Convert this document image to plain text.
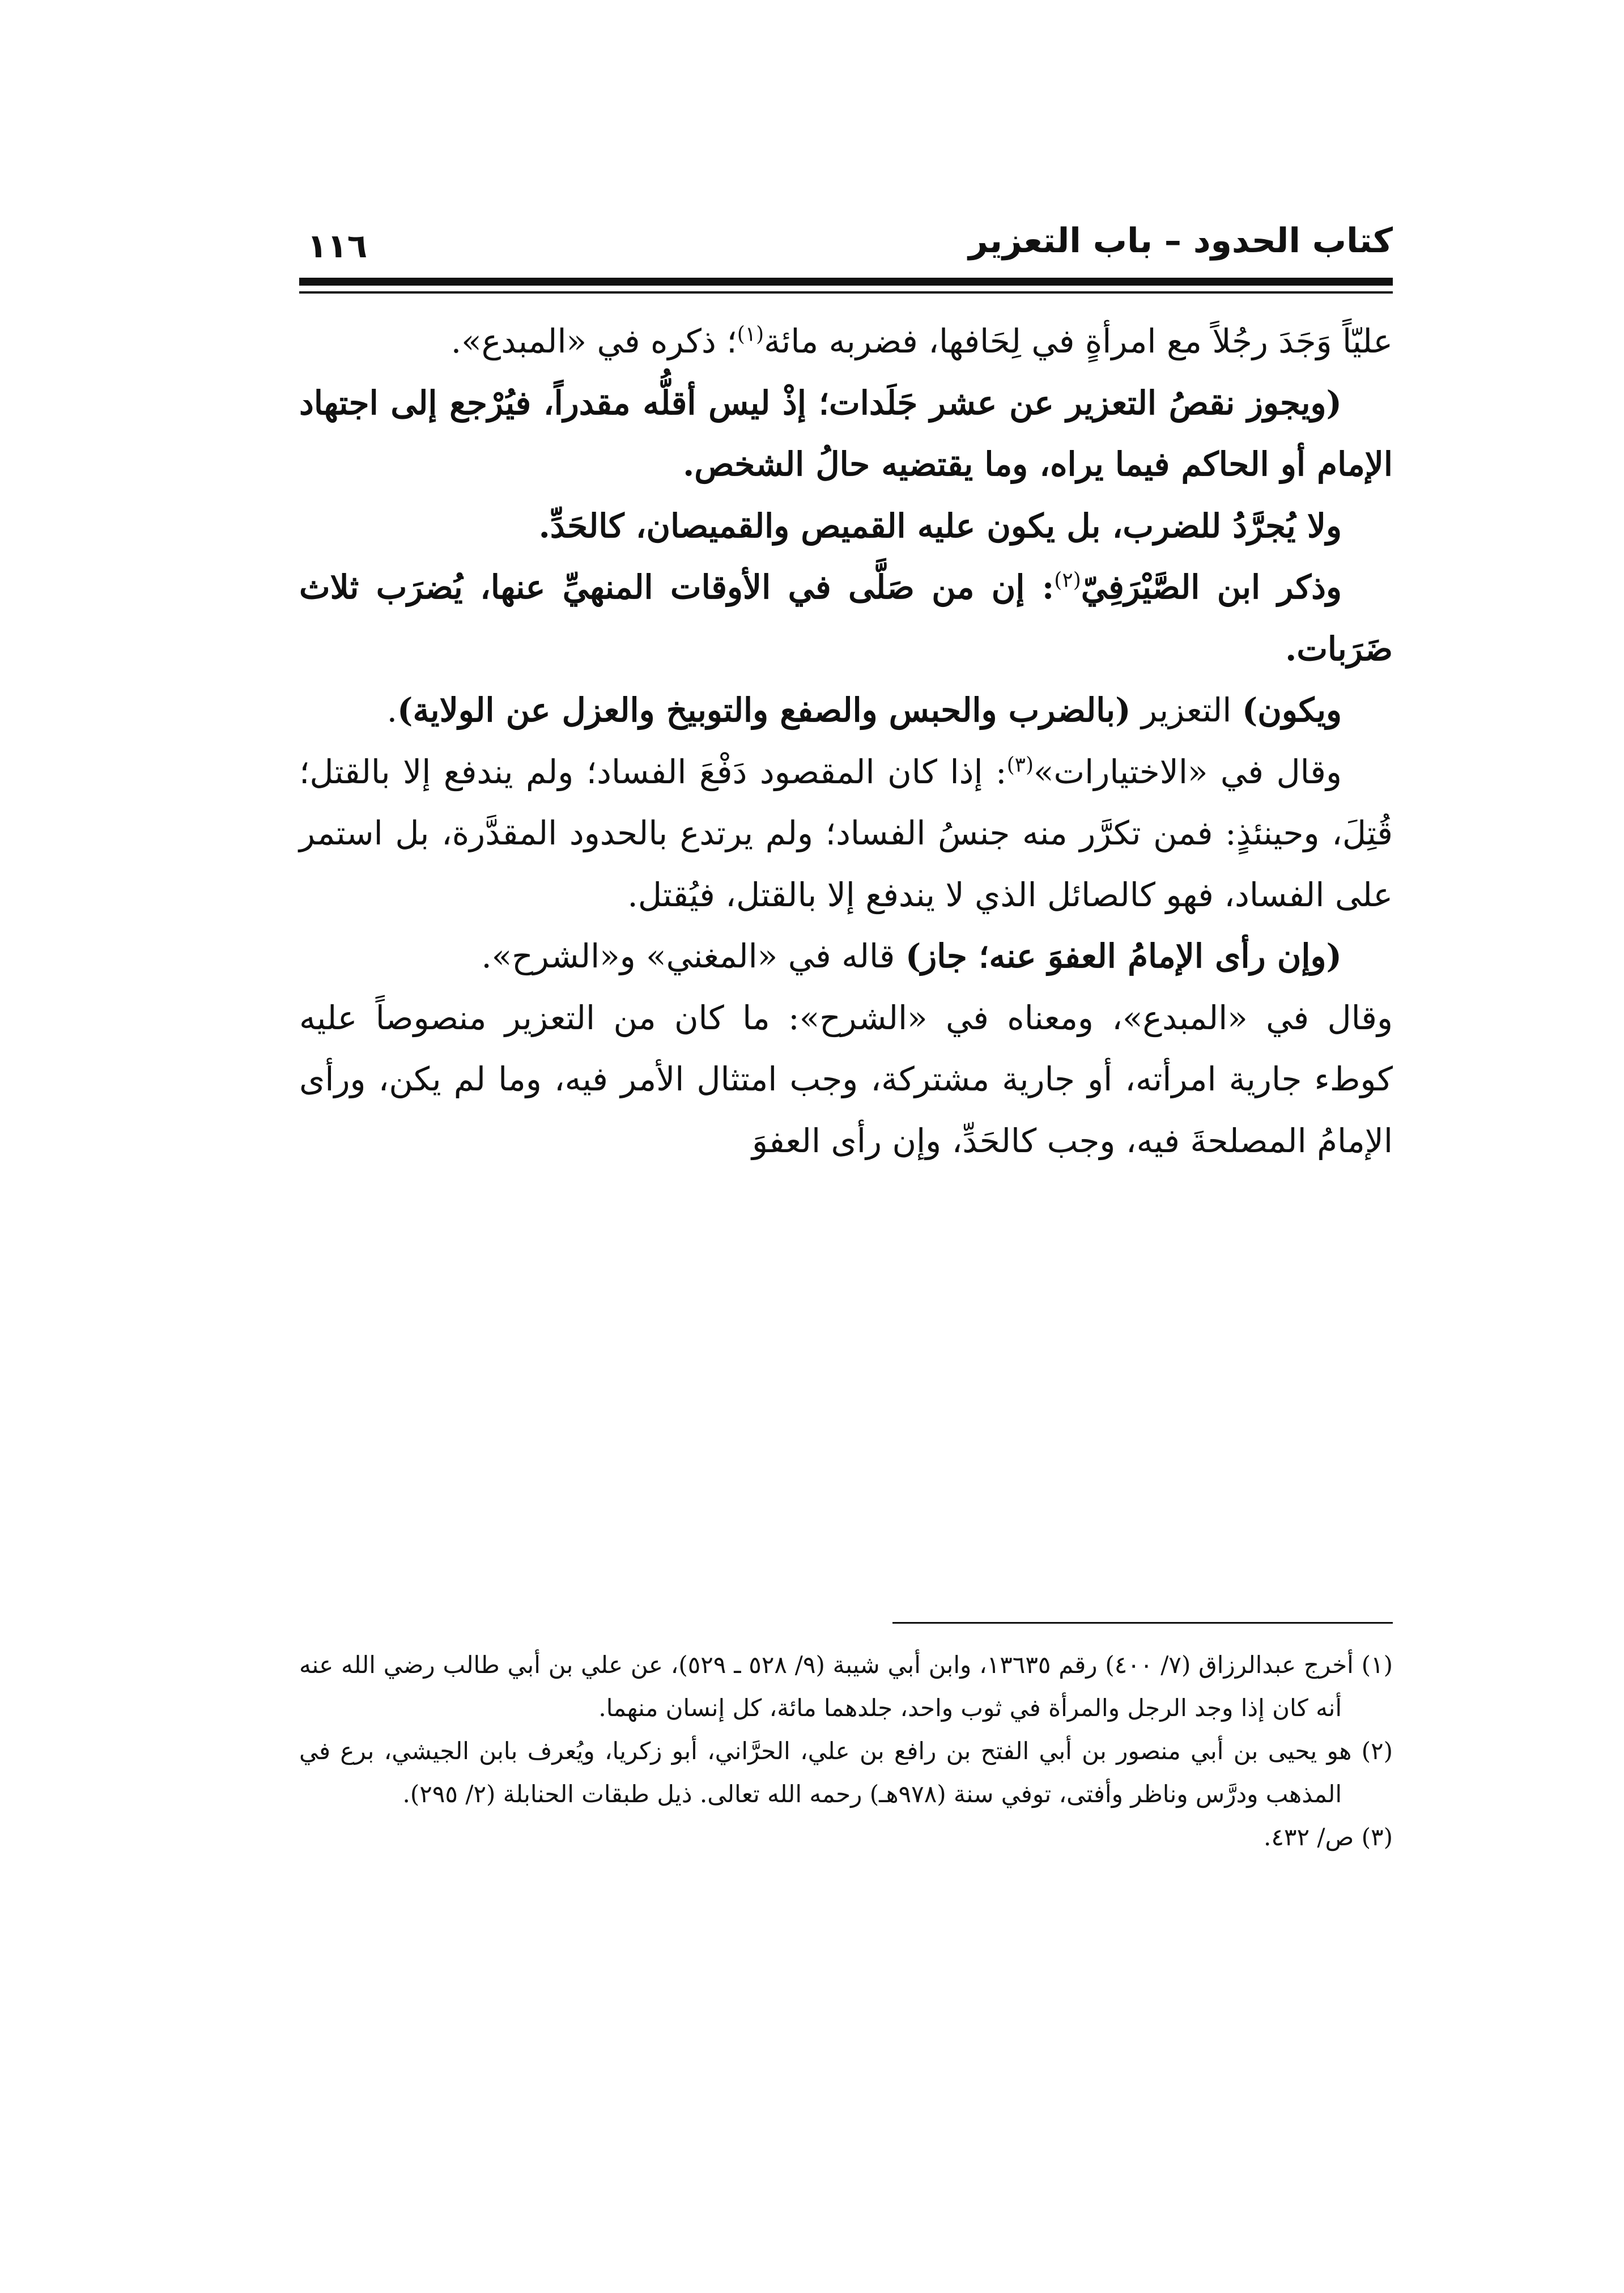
كتاب الحدود – باب التعزير
١١٦

عليّاً وَجَدَ رجُلاً مع امرأةٍ في لِحَافها، فضربه مائة$^{(١)}$؛ ذكره في «المبدع».

(ويجوز نقصُ التعزير عن عشر جَلَدات؛ إذْ ليس أقلُّه مقدراً، فيُرْجع إلى اجتهاد الإمام أو الحاكم فيما يراه، وما يقتضيه حالُ الشخص.

ولا يُجرَّدُ للضرب، بل يكون عليه القميص والقميصان، كالحَدِّ.

وذكر ابن الصَّيْرَفِيّ$^{(٢)}$: إن من صَلَّى في الأوقات المنهيِّ عنها، يُضرَب ثلاث ضَرَبات.

ويكون) التعزير (بالضرب والحبس والصفع والتوبيخ والعزل عن الولاية).

وقال في «الاختيارات»$^{(٣)}$: إذا كان المقصود دَفْعَ الفساد؛ ولم يندفع إلا بالقتل؛ قُتِلَ، وحينئذٍ: فمن تكرَّر منه جنسُ الفساد؛ ولم يرتدع بالحدود المقدَّرة، بل استمر على الفساد، فهو كالصائل الذي لا يندفع إلا بالقتل، فيُقتل.

(وإن رأى الإمامُ العفوَ عنه؛ جاز) قاله في «المغني» و«الشرح».

وقال في «المبدع»، ومعناه في «الشرح»: ما كان من التعزير منصوصاً عليه كوطء جارية امرأته، أو جارية مشتركة، وجب امتثال الأمر فيه، وما لم يكن، ورأى الإمامُ المصلحةَ فيه، وجب كالحَدِّ، وإن رأى العفوَ

(١) أخرج عبدالرزاق (٧/ ٤٠٠) رقم ١٣٦٣٥، وابن أبي شيبة (٩/ ٥٢٨ ـ ٥٢٩)، عن علي بن أبي طالب رضي الله عنه أنه كان إذا وجد الرجل والمرأة في ثوب واحد، جلدهما مائة، كل إنسان منهما.

(٢) هو يحيى بن أبي منصور بن أبي الفتح بن رافع بن علي، الحرَّاني، أبو زكريا، ويُعرف بابن الجيشي، برع في المذهب ودرَّس وناظر وأفتى، توفي سنة (٩٧٨هـ) رحمه الله تعالى. ذيل طبقات الحنابلة (٢/ ٢٩٥).

(٣) ص/ ٤٣٢.
